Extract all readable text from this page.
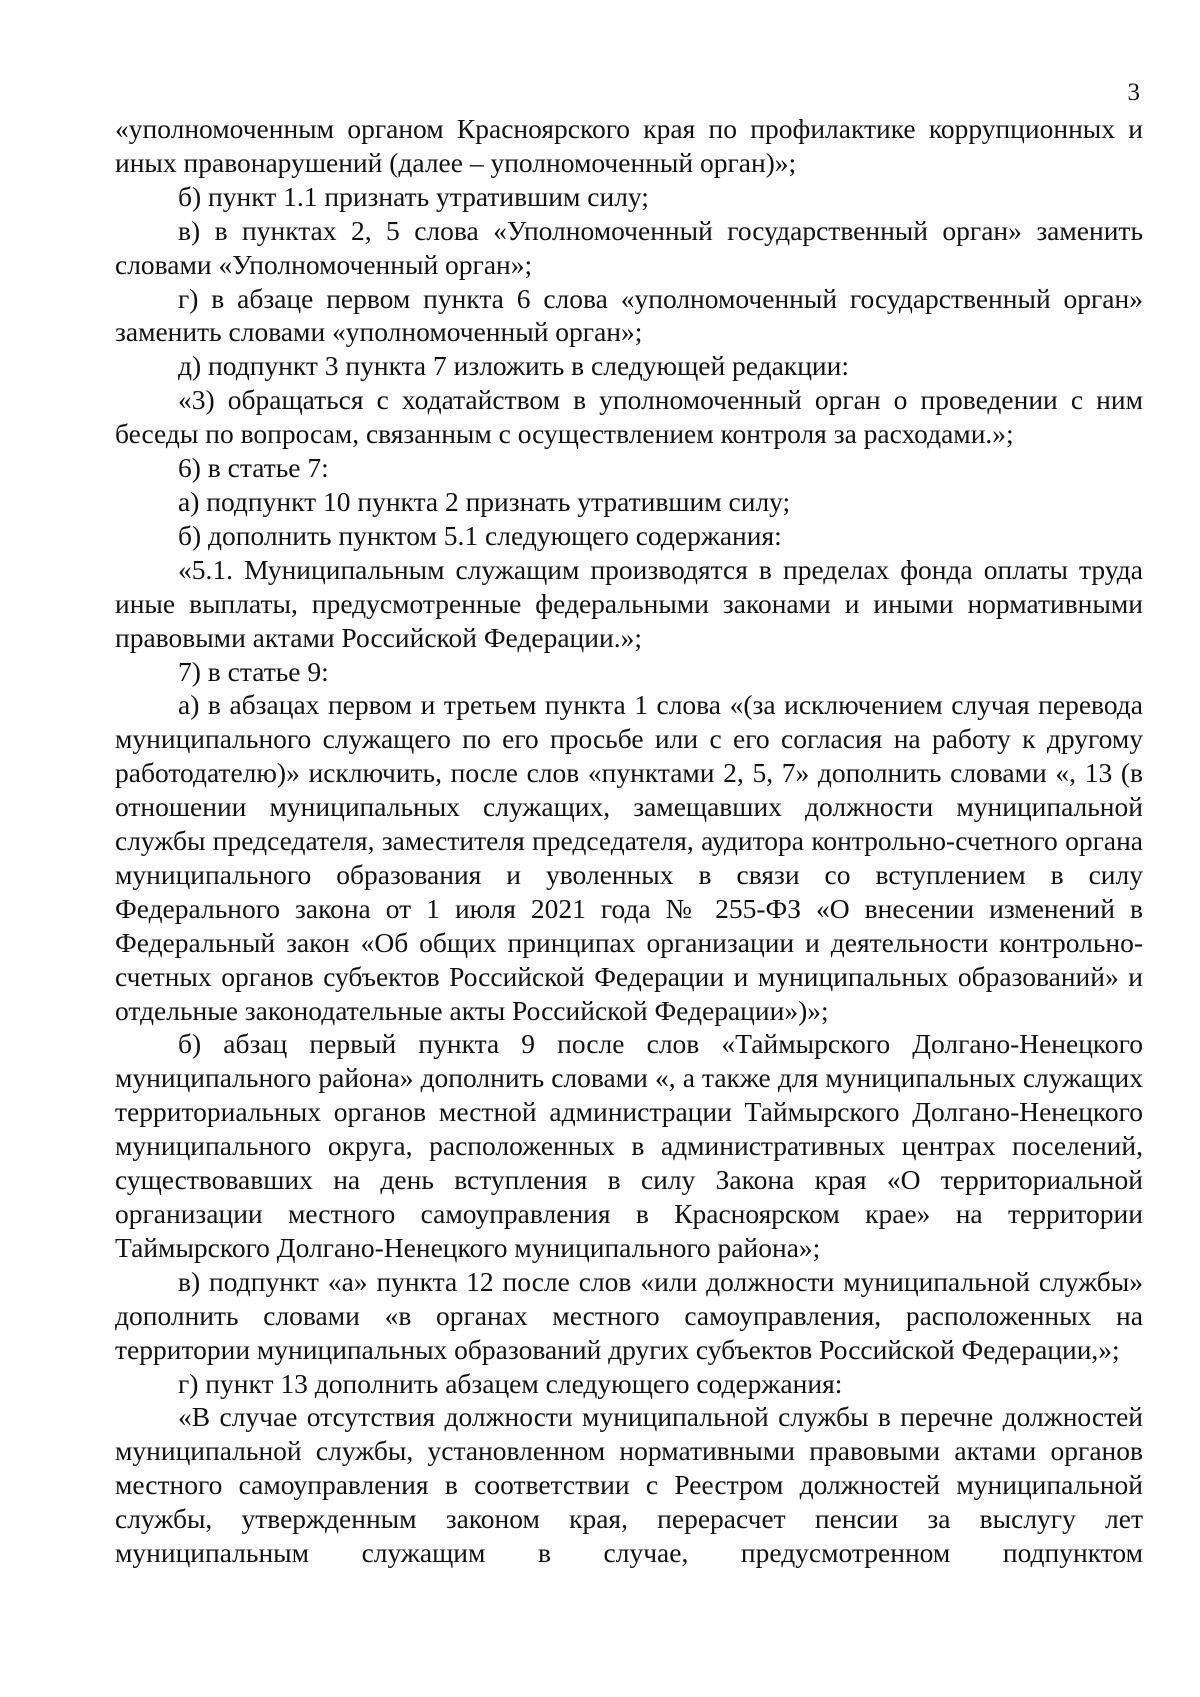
3

«уполномоченным органом Красноярского края по профилактике коррупционных и иных правонарушений (далее – уполномоченный орган)»;

б) пункт 1.1 признать утратившим силу;

в) в пунктах 2, 5 слова «Уполномоченный государственный орган» заменить словами «Уполномоченный орган»;

г) в абзаце первом пункта 6 слова «уполномоченный государственный орган» заменить словами «уполномоченный орган»;

д) подпункт 3 пункта 7 изложить в следующей редакции:

«3) обращаться с ходатайством в уполномоченный орган о проведении с ним беседы по вопросам, связанным с осуществлением контроля за расходами.»;

6) в статье 7:

а) подпункт 10 пункта 2 признать утратившим силу;

б) дополнить пунктом 5.1 следующего содержания:

«5.1. Муниципальным служащим производятся в пределах фонда оплаты труда иные выплаты, предусмотренные федеральными законами и иными нормативными правовыми актами Российской Федерации.»;

7) в статье 9:

а) в абзацах первом и третьем пункта 1 слова «(за исключением случая перевода муниципального служащего по его просьбе или с его согласия на работу к другому работодателю)» исключить, после слов «пунктами 2, 5, 7» дополнить словами «, 13 (в отношении муниципальных служащих, замещавших должности муниципальной службы председателя, заместителя председателя, аудитора контрольно-счетного органа муниципального образования и уволенных в связи со вступлением в силу Федерального закона от 1 июля 2021 года № 255-ФЗ «О внесении изменений в Федеральный закон «Об общих принципах организации и деятельности контрольно-счетных органов субъектов Российской Федерации и муниципальных образований» и отдельные законодательные акты Российской Федерации»)»;

б) абзац первый пункта 9 после слов «Таймырского Долгано-Ненецкого муниципального района» дополнить словами «, а также для муниципальных служащих территориальных органов местной администрации Таймырского Долгано-Ненецкого муниципального округа, расположенных в административных центрах поселений, существовавших на день вступления в силу Закона края «О территориальной организации местного самоуправления в Красноярском крае» на территории Таймырского Долгано-Ненецкого муниципального района»;

в) подпункт «а» пункта 12 после слов «или должности муниципальной службы» дополнить словами «в органах местного самоуправления, расположенных на территории муниципальных образований других субъектов Российской Федерации,»;

г) пункт 13 дополнить абзацем следующего содержания:

«В случае отсутствия должности муниципальной службы в перечне должностей муниципальной службы, установленном нормативными правовыми актами органов местного самоуправления в соответствии с Реестром должностей муниципальной службы, утвержденным законом края, перерасчет пенсии за выслугу лет муниципальным служащим в случае, предусмотренном подпунктом
